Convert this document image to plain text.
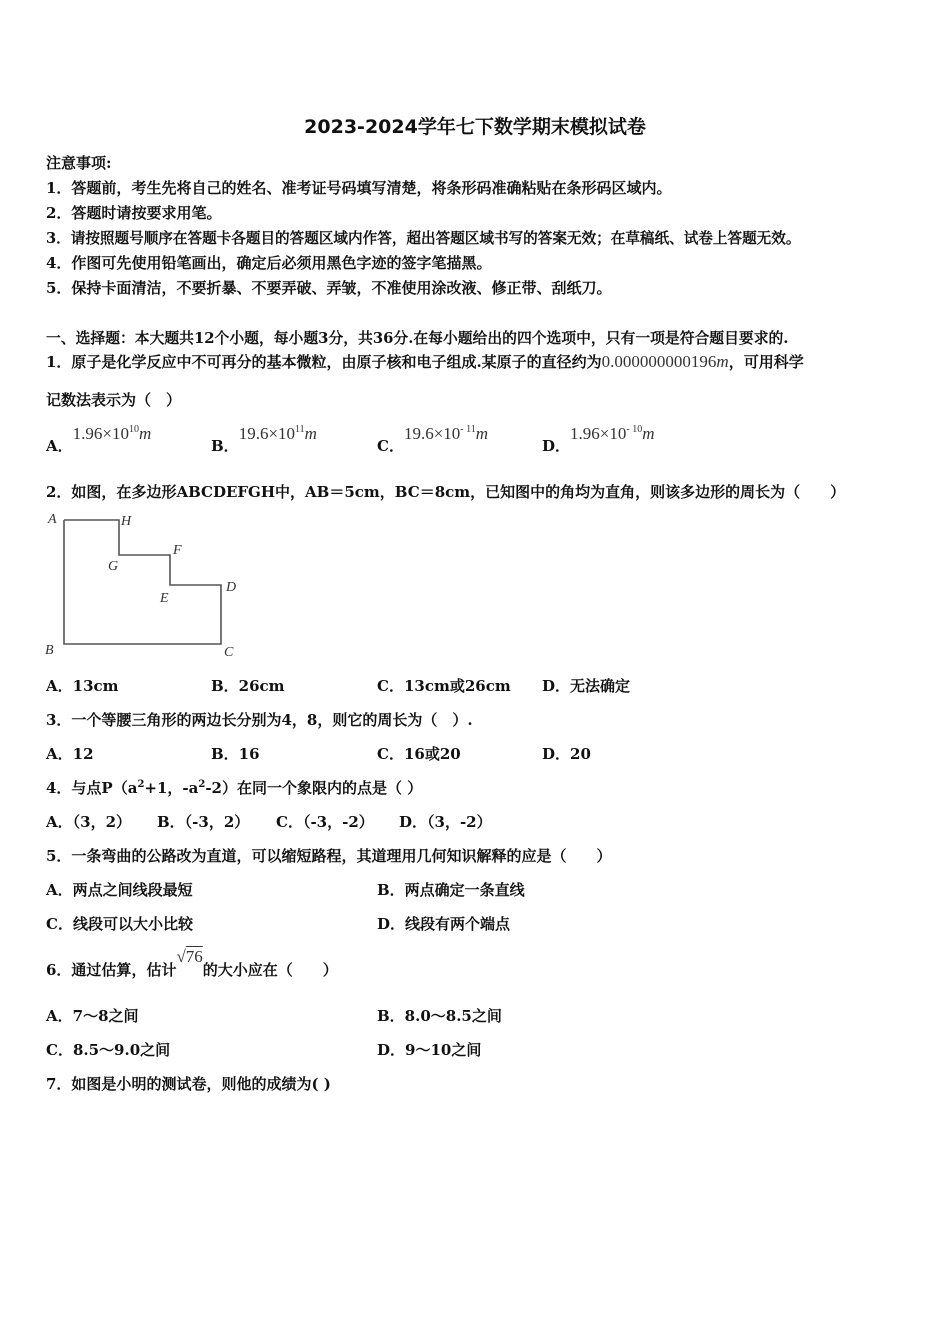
2023-2024学年七下数学期末模拟试卷
注意事项:
1．答题前，考生先将自己的姓名、准考证号码填写清楚，将条形码准确粘贴在条形码区域内。
2．答题时请按要求用笔。
3．请按照题号顺序在答题卡各题目的答题区域内作答，超出答题区域书写的答案无效；在草稿纸、试卷上答题无效。
4．作图可先使用铅笔画出，确定后必须用黑色字迹的签字笔描黑。
5．保持卡面清洁，不要折暴、不要弄破、弄皱，不准使用涂改液、修正带、刮纸刀。
一、选择题：本大题共12个小题，每小题3分，共36分.在每小题给出的四个选项中，只有一项是符合题目要求的.
1．原子是化学反应中不可再分的基本微粒，由原子核和电子组成.某原子的直径约为0.000000000196m，可用科学
记数法表示为（　）
A．$1.96\times 10^{10}m$
B．$19.6\times 10^{11}m$
C．$19.6\times 10^{- 11}m$
D．$1.96\times 10^{- 10}m$
2．如图，在多边形ABCDEFGH中，AB＝5cm，BC＝8cm，已知图中的角均为直角，则该多边形的周长为（　　）
A	H
G
F
E
D
B	C
A．13cm	B．26cm	C．13cm或26cm D．无法确定
3．一个等腰三角形的两边长分别为4，8，则它的周长为（　）.
A．12	B．16	C．16或20	D．20
4．与点$P(a^2+1$，$-a^2-2$）在同一个象限内的点是（ ）
A．（3，2） B．（-3，2） C．（-3，-2） D．（3，-2）
5．一条弯曲的公路改为直道，可以缩短路程，其道理用几何知识解释的应是（　　）
A．两点之间线段最短	B．两点确定一条直线
C．线段可以大小比较	D．线段有两个端点
6．通过估算，估计√76的大小应在（　　）
A．7～8之间	B．8.0～8.5之间
C．8.5～9.0之间	D．9～10之间
7．如图是小明的测试卷，则他的成绩为( )
